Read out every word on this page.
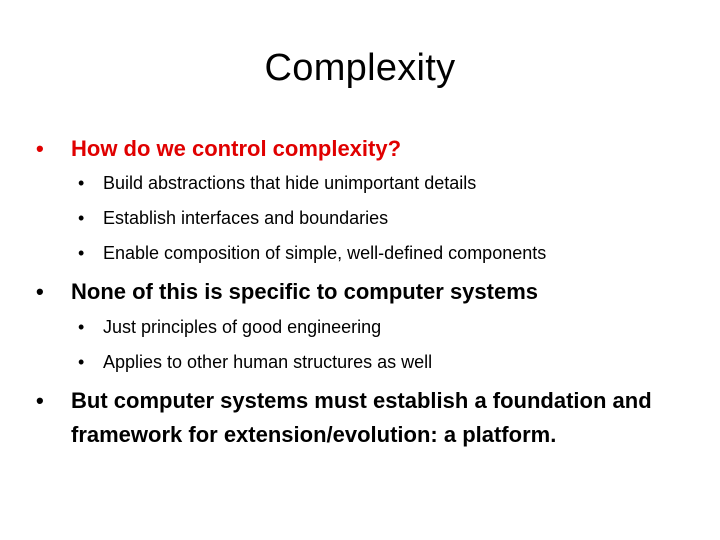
Complexity
•	How do we control complexity?
•	Build abstractions that hide unimportant details
•	Establish interfaces and boundaries
•	Enable composition of simple, well-defined components
•	None of this is specific to computer systems
•	Just principles of good engineering
•	Applies to other human structures as well
•	But computer systems must establish a foundation and framework for extension/evolution: a platform.
